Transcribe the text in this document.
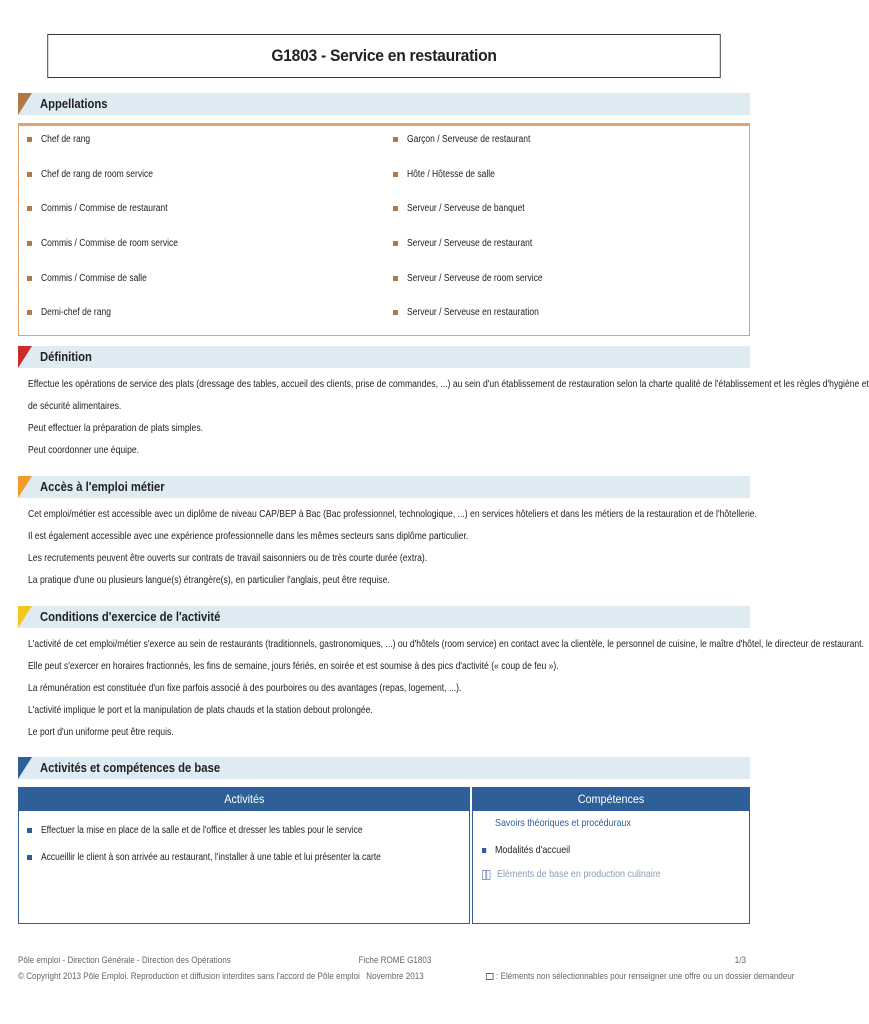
G1803 - Service en restauration
Appellations
Chef de rang
Chef de rang de room service
Commis / Commise de restaurant
Commis / Commise de room service
Commis / Commise de salle
Demi-chef de rang
Garçon / Serveuse de restaurant
Hôte / Hôtesse de salle
Serveur / Serveuse de banquet
Serveur / Serveuse de restaurant
Serveur / Serveuse de room service
Serveur / Serveuse en restauration
Définition
Effectue les opérations de service des plats (dressage des tables, accueil des clients, prise de commandes, ...) au sein d'un établissement de restauration selon la charte qualité de l'établissement et les règles d'hygiène et
de sécurité alimentaires.
Peut effectuer la préparation de plats simples.
Peut coordonner une équipe.
Accès à l'emploi métier
Cet emploi/métier est accessible avec un diplôme de niveau CAP/BEP à Bac (Bac professionnel, technologique, ...) en services hôteliers et dans les métiers de la restauration et de l'hôtellerie.
Il est également accessible avec une expérience professionnelle dans les mêmes secteurs sans diplôme particulier.
Les recrutements peuvent être ouverts sur contrats de travail saisonniers ou de très courte durée (extra).
La pratique d'une ou plusieurs langue(s) étrangère(s), en particulier l'anglais, peut être requise.
Conditions d'exercice de l'activité
L'activité de cet emploi/métier s'exerce au sein de restaurants (traditionnels, gastronomiques, ...) ou d'hôtels (room service) en contact avec la clientèle, le personnel de cuisine, le maître d'hôtel, le directeur de restaurant.
Elle peut s'exercer en horaires fractionnés, les fins de semaine, jours fériés, en soirée et est soumise à des pics d'activité (« coup de feu »).
La rémunération est constituée d'un fixe parfois associé à des pourboires ou des avantages (repas, logement, ...).
L'activité implique le port et la manipulation de plats chauds et la station debout prolongée.
Le port d'un uniforme peut être requis.
Activités et compétences de base
Activités	Compétences
Effectuer la mise en place de la salle et de l'office et dresser les tables pour le service
Accueillir le client à son arrivée au restaurant, l'installer à une table et lui présenter la carte
Savoirs théoriques et procéduraux
Modalités d'accueil
Eléments de base en production culinaire
Pôle emploi - Direction Générale - Direction des Opérations
© Copyright 2013 Pôle Emploi. Reproduction et diffusion interdites sans l'accord de Pôle emploi
Fiche ROME G1803
Novembre 2013
1/3
: Eléments non sélectionnables pour renseigner une offre ou un dossier demandeur
